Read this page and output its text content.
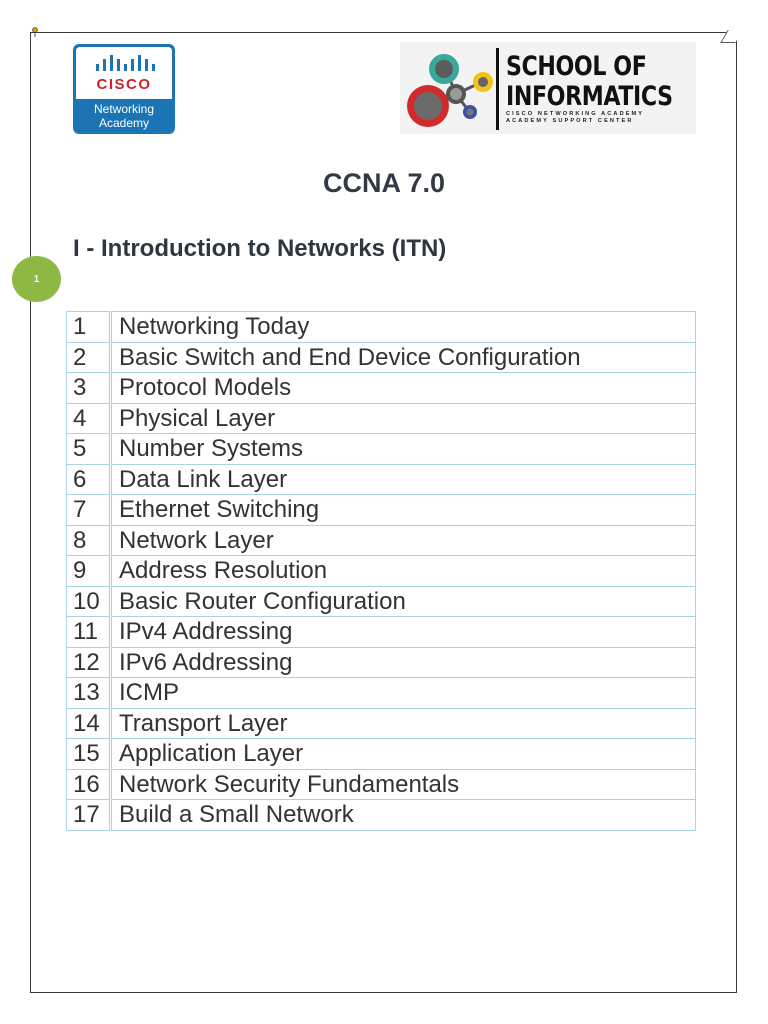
CISCO
Networking
Academy
SCHOOL OF
INFORMATICS
CISCO NETWORKING ACADEMY
ACADEMY SUPPORT CENTER
CCNA 7.0
I - Introduction to Networks (ITN)
1
1	Networking Today
2	Basic Switch and End Device Configuration
3	Protocol Models
4	Physical Layer
5	Number Systems
6	Data Link Layer
7	Ethernet Switching
8	Network Layer
9	Address Resolution
10	Basic Router Configuration
11	IPv4 Addressing
12	IPv6 Addressing
13	ICMP
14	Transport Layer
15	Application Layer
16	Network Security Fundamentals
17	Build a Small Network
